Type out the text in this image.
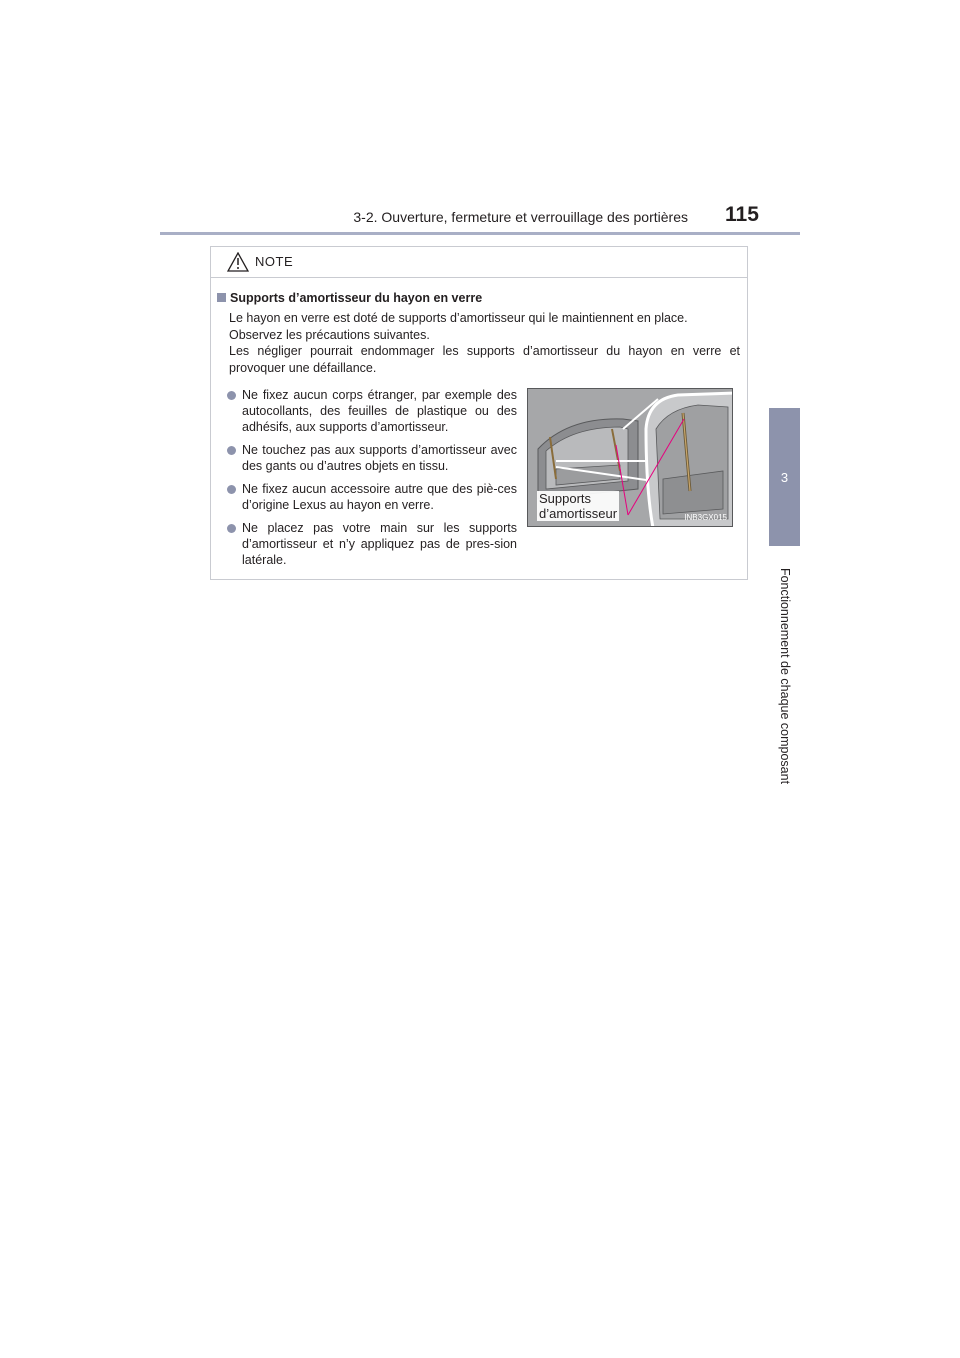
3-2. Ouverture, fermeture et verrouillage des portières 115
3
Fonctionnement de chaque composant
NOTE
Supports d’amortisseur du hayon en verre

Le hayon en verre est doté de supports d’amortisseur qui le maintiennent en place.

Observez les précautions suivantes.

Les négliger pourrait endommager les supports d’amortisseur du hayon en verre et provoquer une défaillance.

Ne fixez aucun corps étranger, par exemple des autocollants, des feuilles de plastique ou des adhésifs, aux supports d’amortisseur.
Ne touchez pas aux supports d’amortisseur avec des gants ou d’autres objets en tissu.
Ne fixez aucun accessoire autre que des piè-ces d’origine Lexus au hayon en verre.
Ne placez pas votre main sur les supports d’amortisseur et n’y appliquez pas de pres-sion latérale.
Supports
d’amortisseur	INB3GX015
